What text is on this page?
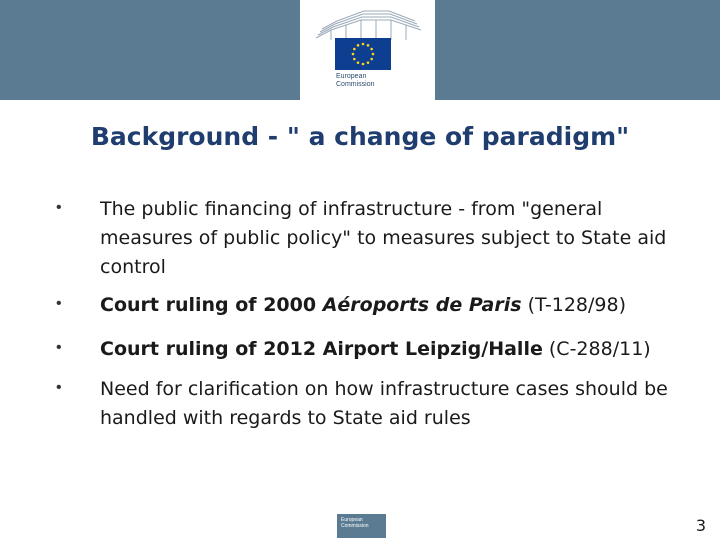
European
Commission
Background - " a change of paradigm"
• The public financing of infrastructure - from "general measures of public policy" to measures subject to State aid control
• Court ruling of 2000 Aéroports de Paris (T-128/98)
• Court ruling of 2012 Airport Leipzig/Halle (C-288/11)
• Need for clarification on how infrastructure cases should be handled with regards to State aid rules
European Commission	3
